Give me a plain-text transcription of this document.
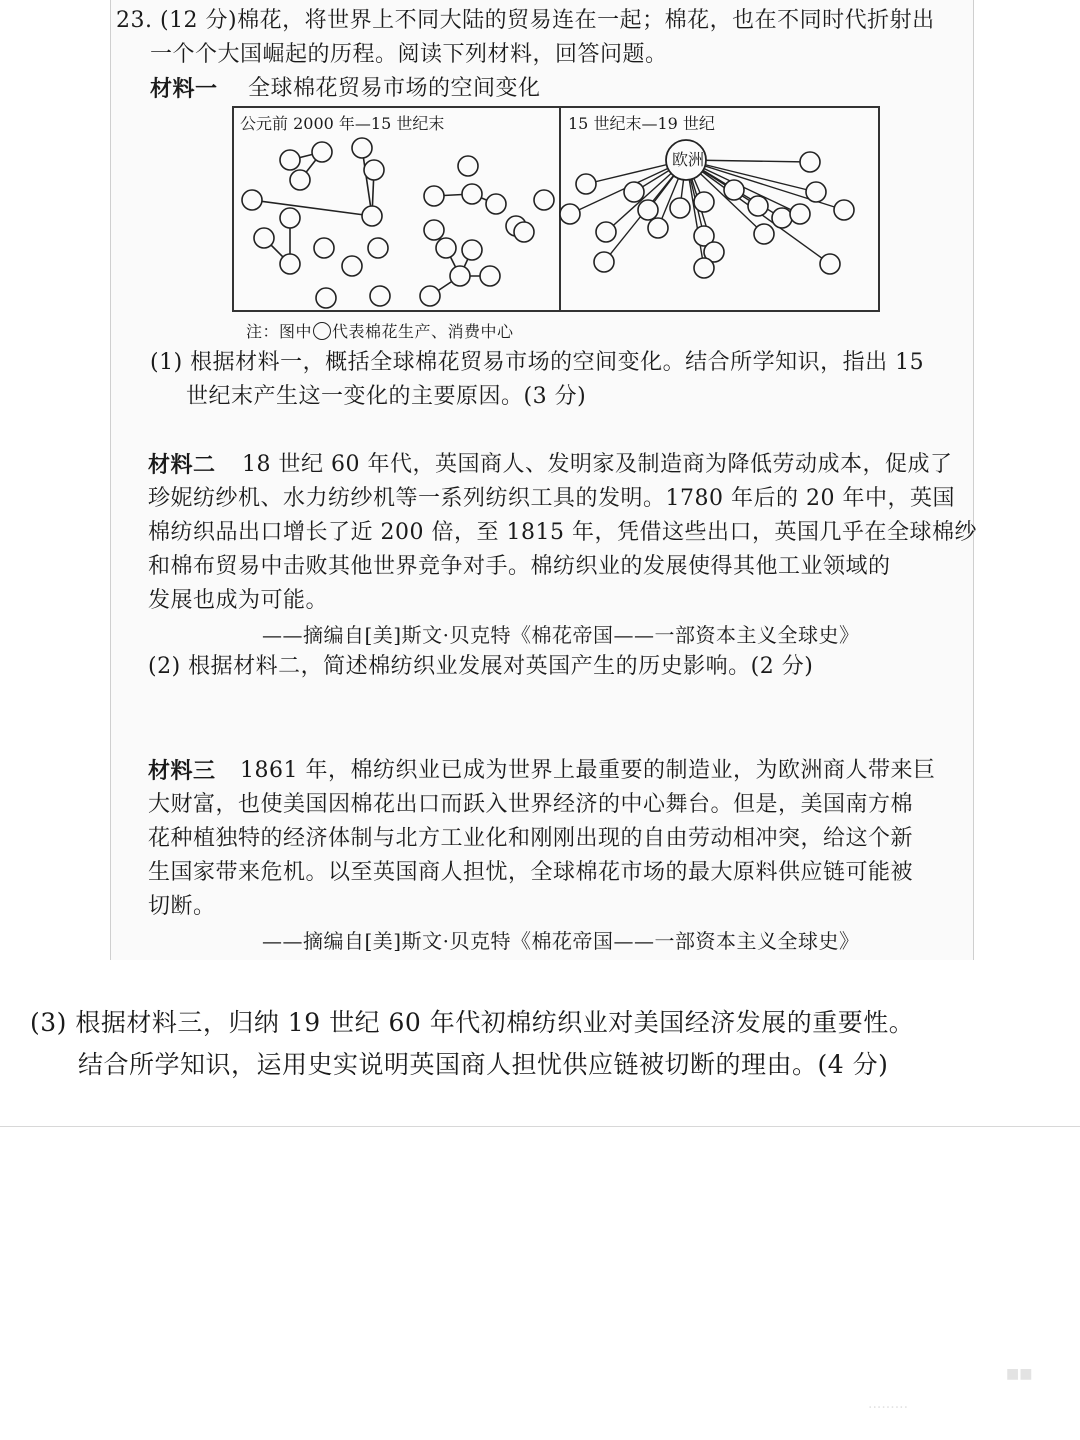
23. (12 分)棉花，将世界上不同大陆的贸易连在一起；棉花，也在不同时代折射出
一个个大国崛起的历程。阅读下列材料，回答问题。
材料一 全球棉花贸易市场的空间变化
公元前 2000 年—15 世纪末	15 世纪末—19 世纪
欧洲
注：图中 代表棉花生产、消费中心
(1) 根据材料一，概括全球棉花贸易市场的空间变化。结合所学知识，指出 15
世纪末产生这一变化的主要原因。(3 分)
材料二 18 世纪 60 年代，英国商人、发明家及制造商为降低劳动成本，促成了
珍妮纺纱机、水力纺纱机等一系列纺织工具的发明。1780 年后的 20 年中，英国
棉纺织品出口增长了近 200 倍，至 1815 年，凭借这些出口，英国几乎在全球棉纱
和棉布贸易中击败其他世界竞争对手。棉纺织业的发展使得其他工业领域的
发展也成为可能。
——摘编自[美]斯文·贝克特《棉花帝国——一部资本主义全球史》
(2) 根据材料二，简述棉纺织业发展对英国产生的历史影响。(2 分)
材料三 1861 年，棉纺织业已成为世界上最重要的制造业，为欧洲商人带来巨
大财富，也使美国因棉花出口而跃入世界经济的中心舞台。但是，美国南方棉
花种植独特的经济体制与北方工业化和刚刚出现的自由劳动相冲突，给这个新
生国家带来危机。以至英国商人担忧，全球棉花市场的最大原料供应链可能被
切断。
——摘编自[美]斯文·贝克特《棉花帝国——一部资本主义全球史》
(3) 根据材料三，归纳 19 世纪 60 年代初棉纺织业对美国经济发展的重要性。
结合所学知识，运用史实说明英国商人担忧供应链被切断的理由。(4 分)
■■
·········
